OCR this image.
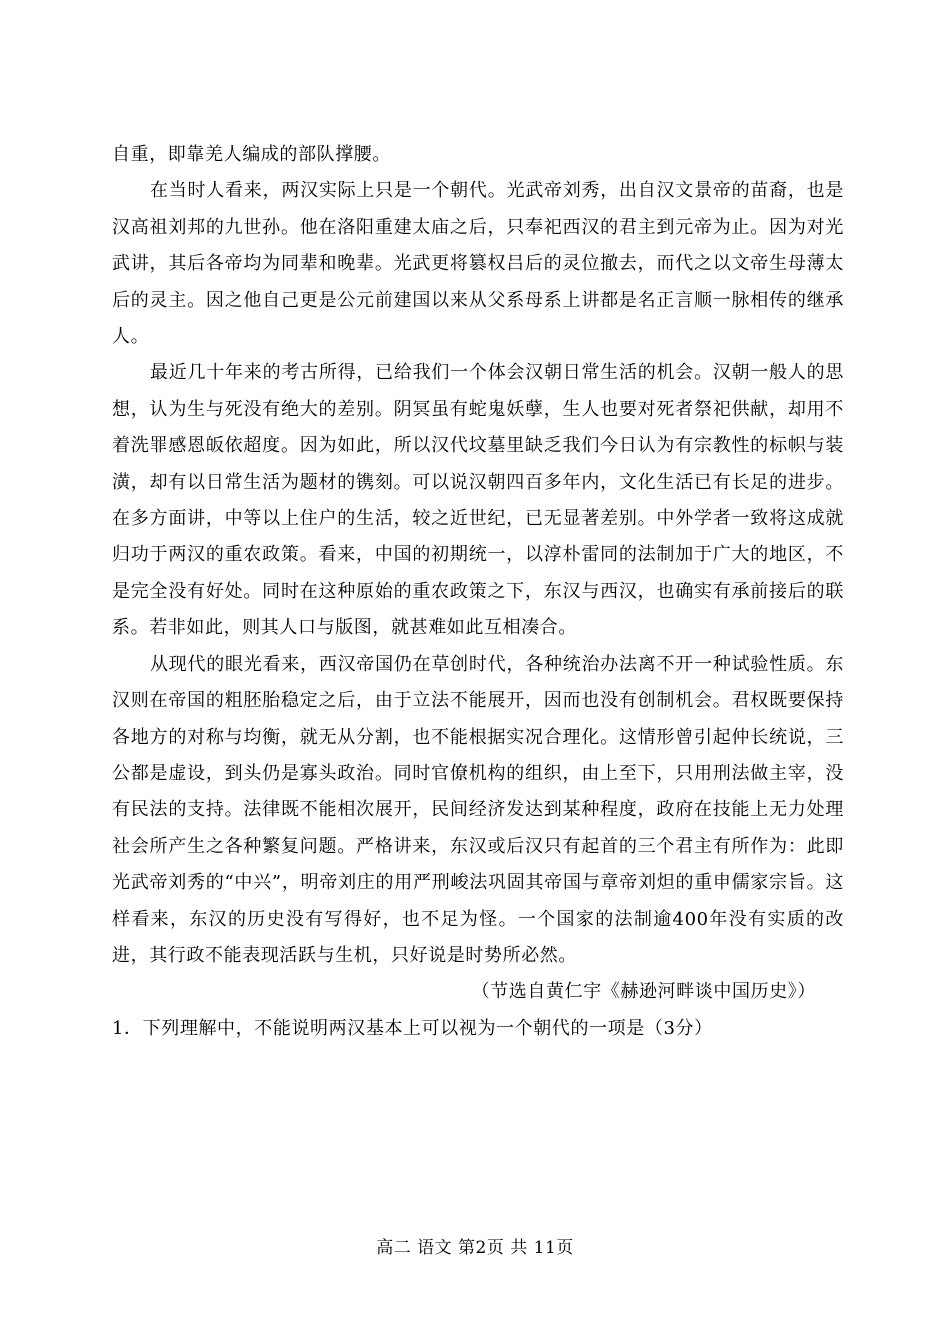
自重，即靠羌人编成的部队撑腰。

在当时人看来，两汉实际上只是一个朝代。光武帝刘秀，出自汉文景帝的苗裔，也是汉高祖刘邦的九世孙。他在洛阳重建太庙之后，只奉祀西汉的君主到元帝为止。因为对光武讲，其后各帝均为同辈和晚辈。光武更将篡权吕后的灵位撤去，而代之以文帝生母薄太后的灵主。因之他自己更是公元前建国以来从父系母系上讲都是名正言顺一脉相传的继承人。

最近几十年来的考古所得，已给我们一个体会汉朝日常生活的机会。汉朝一般人的思想，认为生与死没有绝大的差别。阴冥虽有蛇鬼妖孽，生人也要对死者祭祀供献，却用不着洗罪感恩皈依超度。因为如此，所以汉代坟墓里缺乏我们今日认为有宗教性的标帜与装潢，却有以日常生活为题材的镌刻。可以说汉朝四百多年内，文化生活已有长足的进步。在多方面讲，中等以上住户的生活，较之近世纪，已无显著差别。中外学者一致将这成就归功于两汉的重农政策。看来，中国的初期统一，以淳朴雷同的法制加于广大的地区，不是完全没有好处。同时在这种原始的重农政策之下，东汉与西汉，也确实有承前接后的联系。若非如此，则其人口与版图，就甚难如此互相凑合。

从现代的眼光看来，西汉帝国仍在草创时代，各种统治办法离不开一种试验性质。东汉则在帝国的粗胚胎稳定之后，由于立法不能展开，因而也没有创制机会。君权既要保持各地方的对称与均衡，就无从分割，也不能根据实况合理化。这情形曾引起仲长统说，三公都是虚设，到头仍是寡头政治。同时官僚机构的组织，由上至下，只用刑法做主宰，没有民法的支持。法律既不能相次展开，民间经济发达到某种程度，政府在技能上无力处理社会所产生之各种繁复问题。严格讲来，东汉或后汉只有起首的三个君主有所作为：此即光武帝刘秀的“中兴”，明帝刘庄的用严刑峻法巩固其帝国与章帝刘炟的重申儒家宗旨。这样看来，东汉的历史没有写得好，也不足为怪。一个国家的法制逾400年没有实质的改进，其行政不能表现活跃与生机，只好说是时势所必然。

（节选自黄仁宇《赫逊河畔谈中国历史》）

1．下列理解中，不能说明两汉基本上可以视为一个朝代的一项是（3分）

高二 语文 第2页 共 11页
